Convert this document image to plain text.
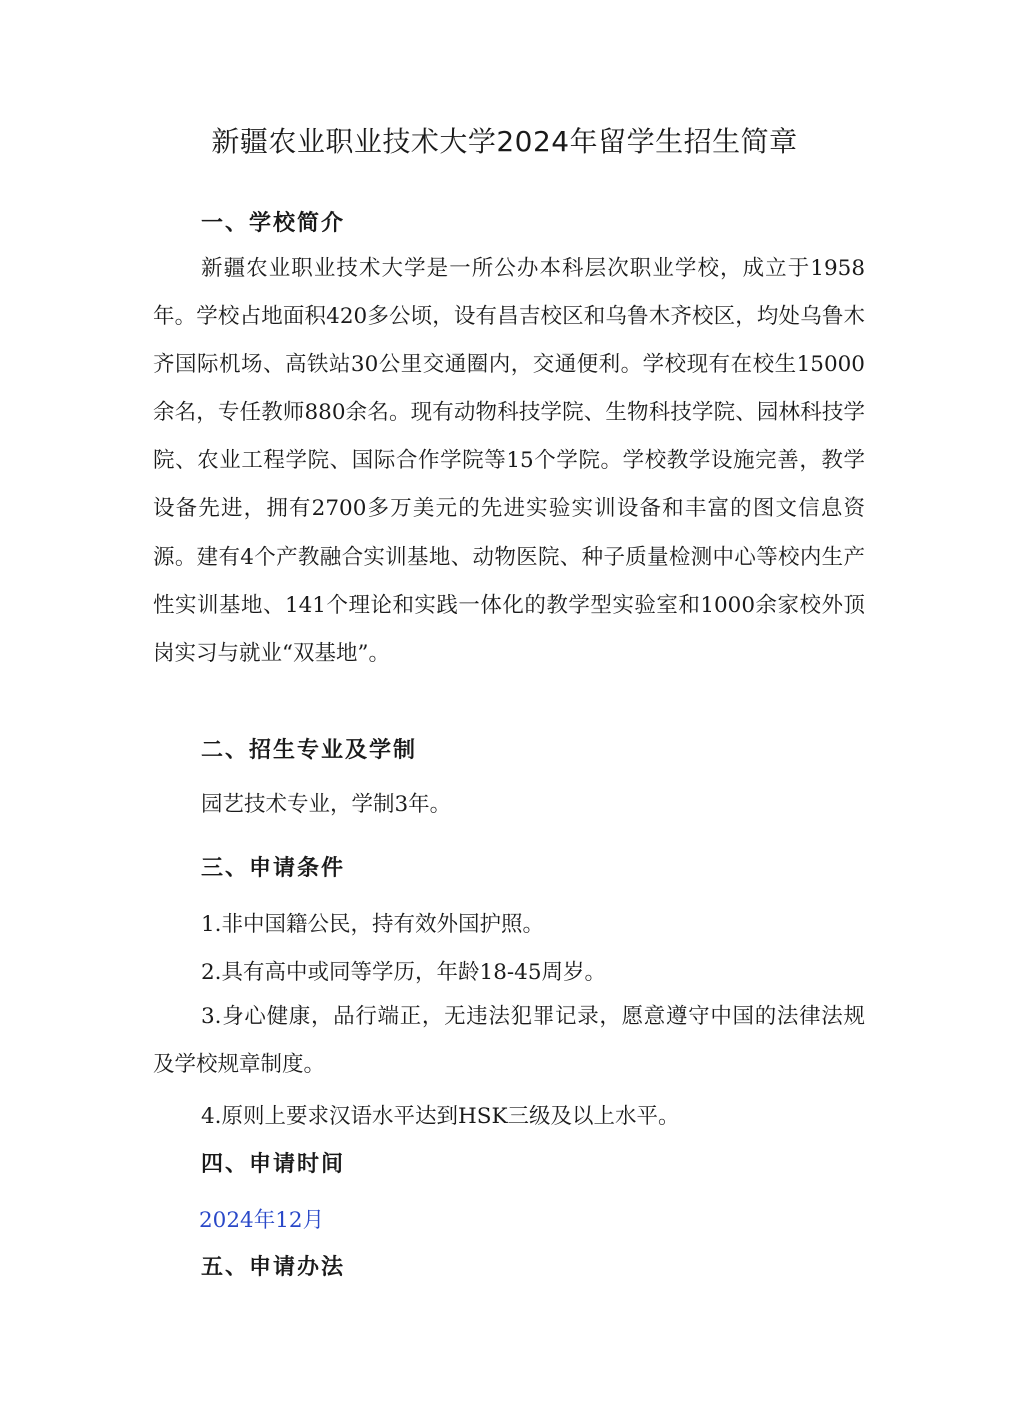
新疆农业职业技术大学2024年留学生招生简章
一、学校简介

新疆农业职业技术大学是一所公办本科层次职业学校，成立于1958年。学校占地面积420多公顷，设有昌吉校区和乌鲁木齐校区，均处乌鲁木齐国际机场、高铁站30公里交通圈内，交通便利。学校现有在校生15000余名，专任教师880余名。现有动物科技学院、生物科技学院、园林科技学院、农业工程学院、国际合作学院等15个学院。学校教学设施完善，教学设备先进，拥有2700多万美元的先进实验实训设备和丰富的图文信息资源。建有4个产教融合实训基地、动物医院、种子质量检测中心等校内生产性实训基地、141个理论和实践一体化的教学型实验室和1000余家校外顶岗实习与就业“双基地”。

二、招生专业及学制

园艺技术专业，学制3年。

三、申请条件

1.非中国籍公民，持有效外国护照。

2.具有高中或同等学历，年龄18-45周岁。

3.身心健康，品行端正，无违法犯罪记录，愿意遵守中国的法律法规及学校规章制度。

4.原则上要求汉语水平达到HSK三级及以上水平。

四、申请时间

2024年12月

五、申请办法
